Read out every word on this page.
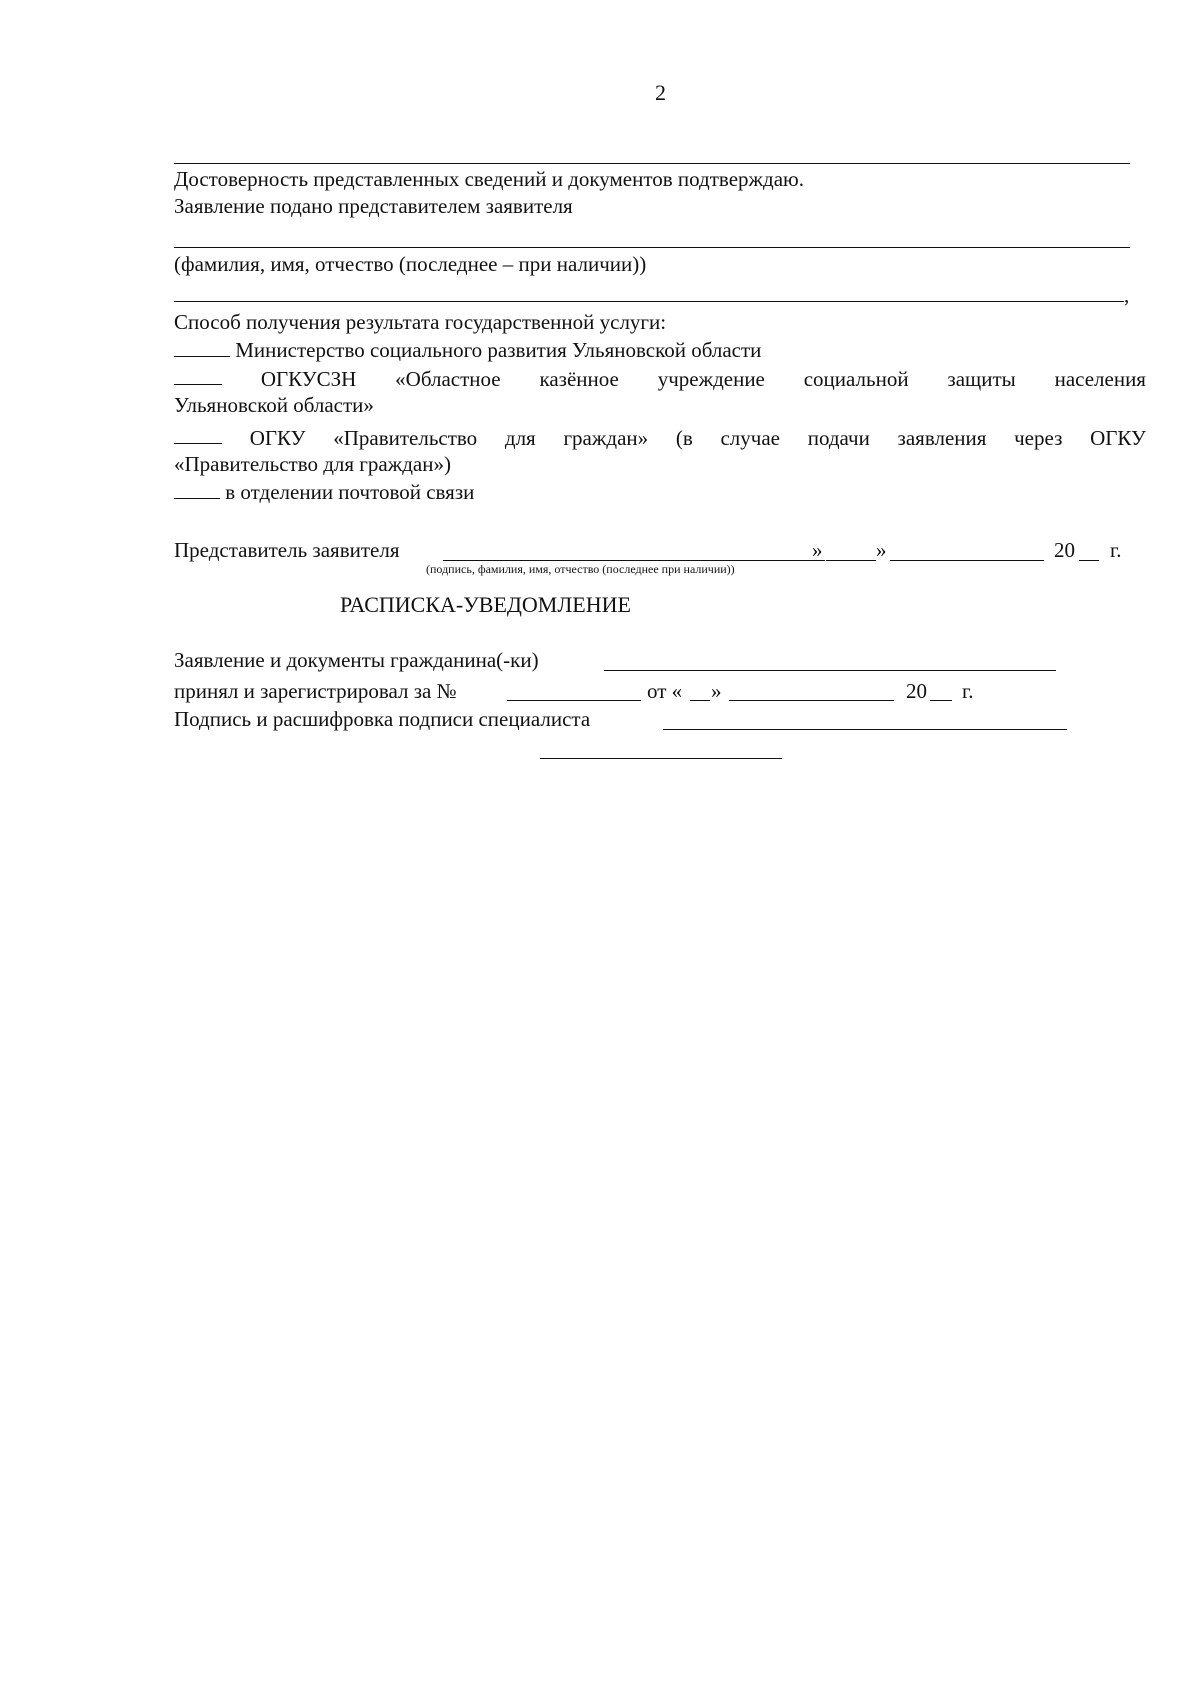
2
Достоверность представленных сведений и документов подтверждаю.
Заявление подано представителем заявителя
(фамилия, имя, отчество (последнее – при наличии))
,
Способ получения результата государственной услуги:
Министерство социального развития Ульяновской области
ОГКУСЗН «Областное казённое учреждение социальной защиты населения
Ульяновской области»
ОГКУ «Правительство для граждан» (в случае подачи заявления через ОГКУ
«Правительство для граждан»)
в отделении почтовой связи
Представитель заявителя	»	»	20 г.
(подпись, фамилия, имя, отчество (последнее при наличии))
РАСПИСКА-УВЕДОМЛЕНИЕ
Заявление и документы гражданина(-ки)
принял и зарегистрировал за №	от « »	20 г.
Подпись и расшифровка подписи специалиста
